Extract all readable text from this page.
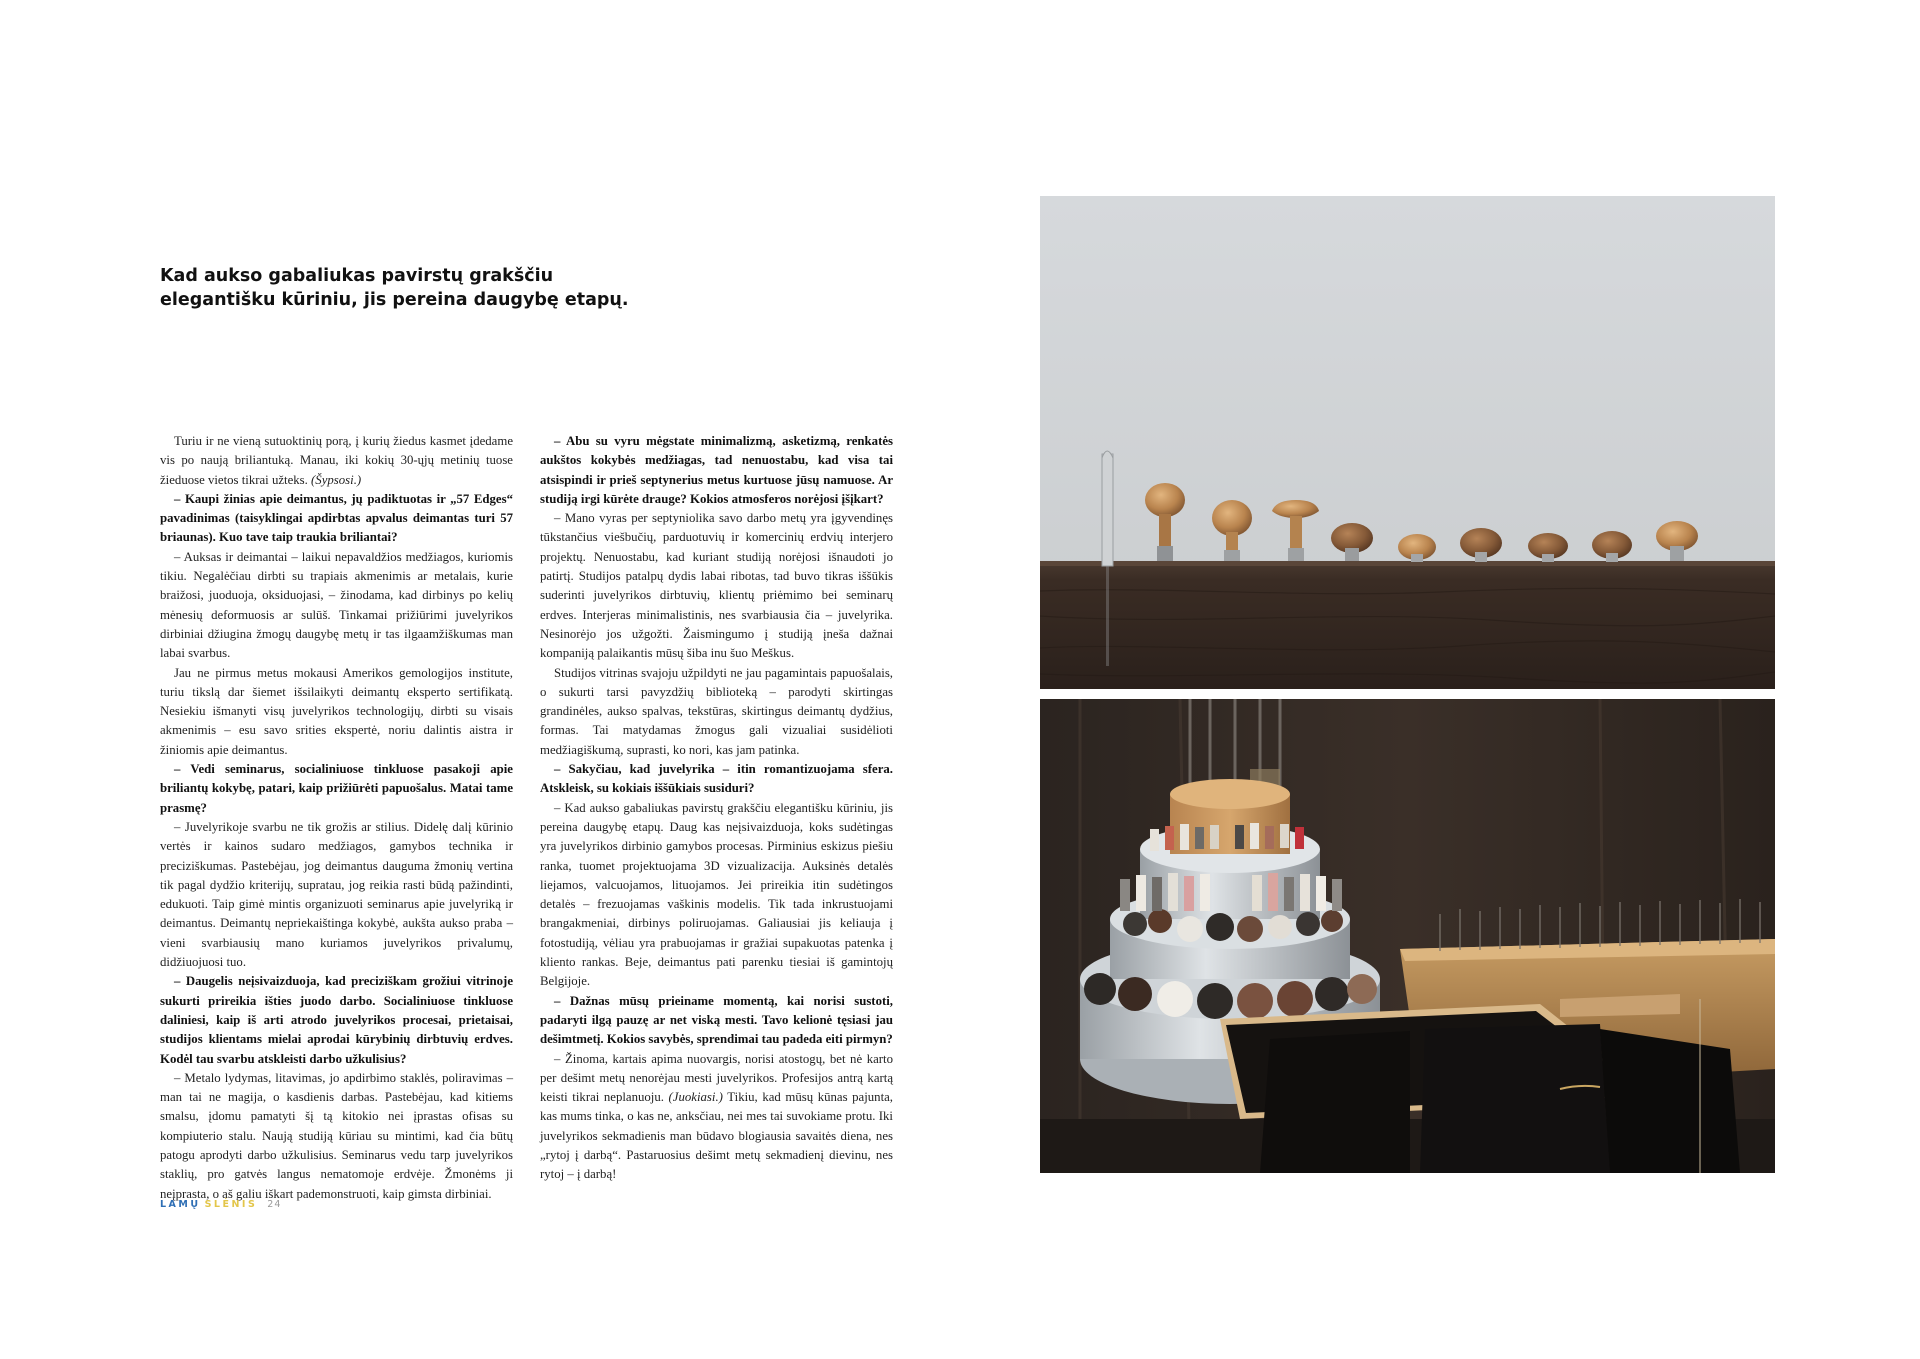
Kad aukso gabaliukas pavirstų grakščiu elegantišku kūriniu, jis pereina daugybę etapų.

Turiu ir ne vieną sutuoktinių porą, į kurių žiedus kasmet įdedame vis po naują briliantuką. Manau, iki kokių 30-ųjų metinių tuose žieduose vietos tikrai užteks. (Šypsosi.)

– Kaupi žinias apie deimantus, jų padiktuotas ir „57 Edges“ pavadinimas (taisyklingai apdirbtas apvalus deimantas turi 57 briaunas). Kuo tave taip traukia briliantai?

– Auksas ir deimantai – laikui nepavaldžios medžiagos, kuriomis tikiu. Negalėčiau dirbti su trapiais akmenimis ar metalais, kurie braižosi, juoduoja, oksiduojasi, – žinodama, kad dirbinys po kelių mėnesių deformuosis ar sulūš. Tinkamai prižiūrimi juvelyrikos dirbiniai džiugina žmogų daugybę metų ir tas ilgaamžiškumas man labai svarbus.

Jau ne pirmus metus mokausi Amerikos gemologijos institute, turiu tikslą dar šiemet išsilaikyti deimantų eksperto sertifikatą. Nesiekiu išmanyti visų juvelyrikos technologijų, dirbti su visais akmenimis – esu savo srities ekspertė, noriu dalintis aistra ir žiniomis apie deimantus.

– Vedi seminarus, socialiniuose tinkluose pasakoji apie briliantų kokybę, patari, kaip prižiūrėti papuošalus. Matai tame prasmę?

– Juvelyrikoje svarbu ne tik grožis ar stilius. Didelę dalį kūrinio vertės ir kainos sudaro medžiagos, gamybos technika ir preciziškumas. Pastebėjau, jog deimantus dauguma žmonių vertina tik pagal dydžio kriterijų, supratau, jog reikia rasti būdą pažindinti, edukuoti. Taip gimė mintis organizuoti seminarus apie juvelyriką ir deimantus. Deimantų nepriekaištinga kokybė, aukšta aukso praba – vieni svarbiausių mano kuriamos juvelyrikos privalumų, didžiuojuosi tuo.

– Daugelis neįsivaizduoja, kad preciziškam grožiui vitrinoje sukurti prireikia išties juodo darbo. Socialiniuose tinkluose daliniesi, kaip iš arti atrodo juvelyrikos procesai, prietaisai, studijos klientams mielai aprodai kūrybinių dirbtuvių erdves. Kodėl tau svarbu atskleisti darbo užkulisius?

– Metalo lydymas, litavimas, jo apdirbimo staklės, poliravimas – man tai ne magija, o kasdienis darbas. Pastebėjau, kad kitiems smalsu, įdomu pamatyti šį tą kitokio nei įprastas ofisas su kompiuterio stalu. Naują studiją kūriau su mintimi, kad čia būtų patogu aprodyti darbo užkulisius. Seminarus vedu tarp juvelyrikos staklių, pro gatvės langus nematomoje erdvėje. Žmonėms ji neįprasta, o aš galiu iškart pademonstruoti, kaip gimsta dirbiniai.

– Abu su vyru mėgstate minimalizmą, asketizmą, renkatės aukštos kokybės medžiagas, tad nenuostabu, kad visa tai atsispindi ir prieš septynerius metus kurtuose jūsų namuose. Ar studiją irgi kūrėte drauge? Kokios atmosferos norėjosi įšįkart?

– Mano vyras per septyniolika savo darbo metų yra įgyvendinęs tūkstančius viešbučių, parduotuvių ir komercinių erdvių interjero projektų. Nenuostabu, kad kuriant studiją norėjosi išnaudoti jo patirtį. Studijos patalpų dydis labai ribotas, tad buvo tikras iššūkis suderinti juvelyrikos dirbtuvių, klientų priėmimo bei seminarų erdves. Interjeras minimalistinis, nes svarbiausia čia – juvelyrika. Nesinorėjo jos užgožti. Žaismingumo į studiją įneša dažnai kompaniją palaikantis mūsų šiba inu šuo Meškus.

Studijos vitrinas svajoju užpildyti ne jau pagamintais papuošalais, o sukurti tarsi pavyzdžių biblioteką – parodyti skirtingas grandinėles, aukso spalvas, tekstūras, skirtingus deimantų dydžius, formas. Tai matydamas žmogus gali vizualiai susidėlioti medžiagiškumą, suprasti, ko nori, kas jam patinka.

– Sakyčiau, kad juvelyrika – itin romantizuojama sfera. Atskleisk, su kokiais iššūkiais susiduri?

– Kad aukso gabaliukas pavirstų grakščiu elegantišku kūriniu, jis pereina daugybę etapų. Daug kas neįsivaizduoja, koks sudėtingas yra juvelyrikos dirbinio gamybos procesas. Pirminius eskizus piešiu ranka, tuomet projektuojama 3D vizualizacija. Auksinės detalės liejamos, valcuojamos, lituojamos. Jei prireikia itin sudėtingos detalės – frezuojamas vaškinis modelis. Tik tada inkrustuojami brangakmeniai, dirbinys poliruojamas. Galiausiai jis keliauja į fotostudiją, vėliau yra prabuojamas ir gražiai supakuotas patenka į kliento rankas. Beje, deimantus pati parenku tiesiai iš gamintojų Belgijoje.

– Dažnas mūsų prieiname momentą, kai norisi sustoti, padaryti ilgą pauzę ar net viską mesti. Tavo kelionė tęsiasi jau dešimtmetį. Kokios savybės, sprendimai tau padeda eiti pirmyn?

– Žinoma, kartais apima nuovargis, norisi atostogų, bet nė karto per dešimt metų nenorėjau mesti juvelyrikos. Profesijos antrą kartą keisti tikrai neplanuoju. (Juokiasi.) Tikiu, kad mūsų kūnas pajunta, kas mums tinka, o kas ne, anksčiau, nei mes tai suvokiame protu. Iki juvelyrikos sekmadienis man būdavo blogiausia savaitės diena, nes „rytoj į darbą“. Pastaruosius dešimt metų sekmadienį dievinu, nes rytoj – į darbą!

LAMŲ SLĖNIS 24
